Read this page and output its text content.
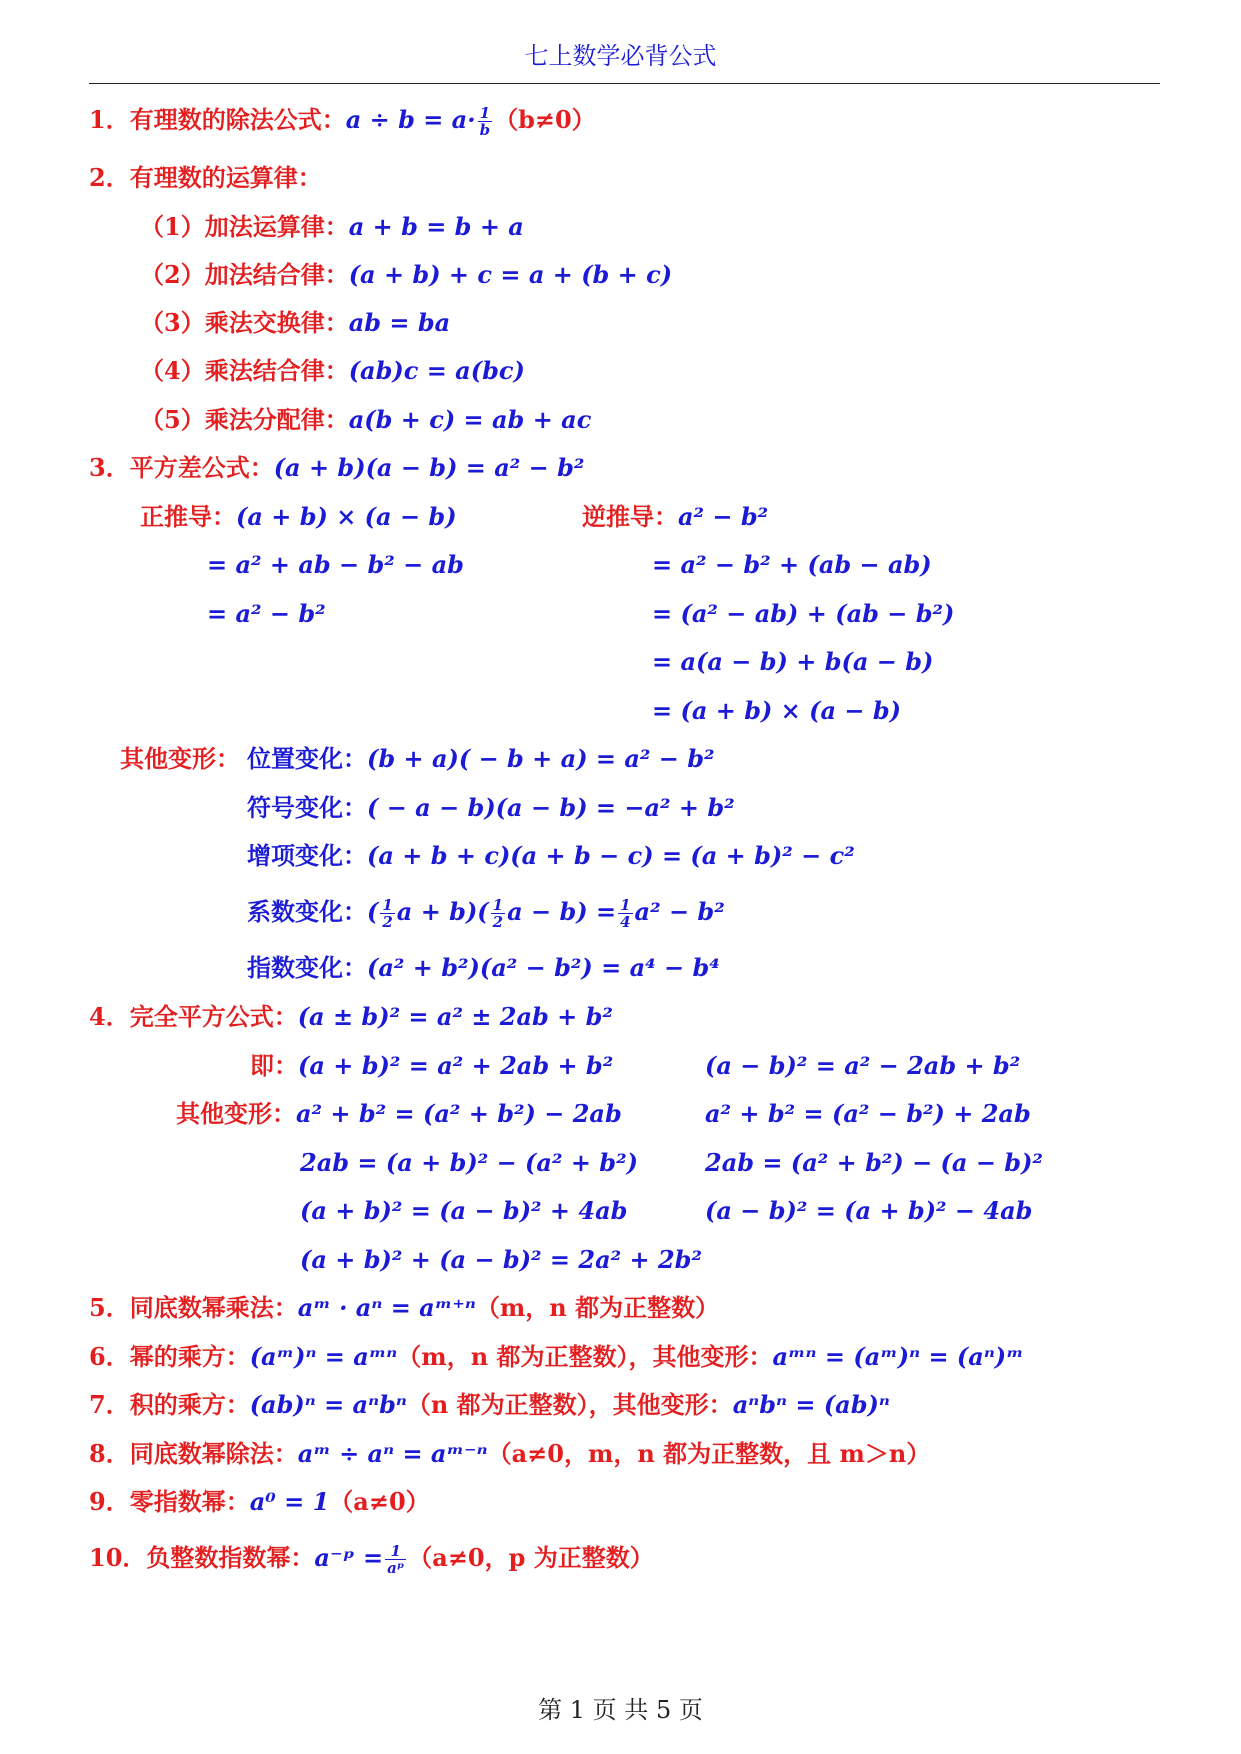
七上数学必背公式
1．有理数的除法公式：$a \div b = a\cdot \frac{1}{b} (b\ne 0)$
2．有理数的运算律：
（1）加法运算律：a + b = b + a
（2）加法结合律：(a + b) + c = a + (b + c)
（3）乘法交换律：ab = ba
（4）乘法结合律：(ab)c = a(bc)
（5）乘法分配律：a(b + c) = ab + ac
3．平方差公式：(a + b)(a − b) = a² − b²
正推导：(a + b) × (a − b)
= a² + ab − b² − ab
= a² − b²
逆推导：a² − b²
= a² − b² + (ab − ab)
= (a² − ab) + (ab − b²)
= a(a − b) + b(a − b)
= (a + b) × (a − b)
其他变形： 位置变化：(b + a)( − b + a) = a² − b²
符号变化：( − a − b)(a − b) = −a² + b²
增项变化：(a + b + c)(a + b − c) = (a + b)² − c²
系数变化：( $\frac{1}{2}$ $a + b)( \frac{1}{2}$ $a - b) = \frac{1}{4} a^2 - b^2$
指数变化：(a² + b²)(a² − b²) = a⁴ − b⁴
4．完全平方公式：(a ± b)² = a² ± 2ab + b²
即：(a + b)² = a² + 2ab + b²	(a − b)² = a² − 2ab + b²
其他变形：a² + b² = (a² + b²) − 2ab	a² + b² = (a² − b²) + 2ab
2ab = (a + b)² − (a² + b²)	2ab = (a² + b²) − (a − b)²
(a + b)² = (a − b)² + 4ab	(a − b)² = (a + b)² − 4ab
(a + b)² + (a − b)² = 2a² + 2b²
5．同底数幂乘法：aᵐ · aⁿ = aᵐ⁺ⁿ（m，n 都为正整数）
6．幂的乘方：(aᵐ)ⁿ = aᵐⁿ（m，n 都为正整数），其他变形：aᵐⁿ = (aᵐ)ⁿ = (aⁿ)ᵐ
7．积的乘方：(ab)ⁿ = aⁿbⁿ（n 都为正整数），其他变形：aⁿbⁿ = (ab)ⁿ
8．同底数幂除法：aᵐ ÷ aⁿ = aᵐ⁻ⁿ（a≠0，m，n 都为正整数，且 m＞n）
9．零指数幂：a⁰ = 1（a≠0）
10．负整数指数幂：a⁻ᵖ = $\frac{1}{\text{aᵖ}} (a\ne 0$，p 为正整数）
第 1 页 共 5 页
